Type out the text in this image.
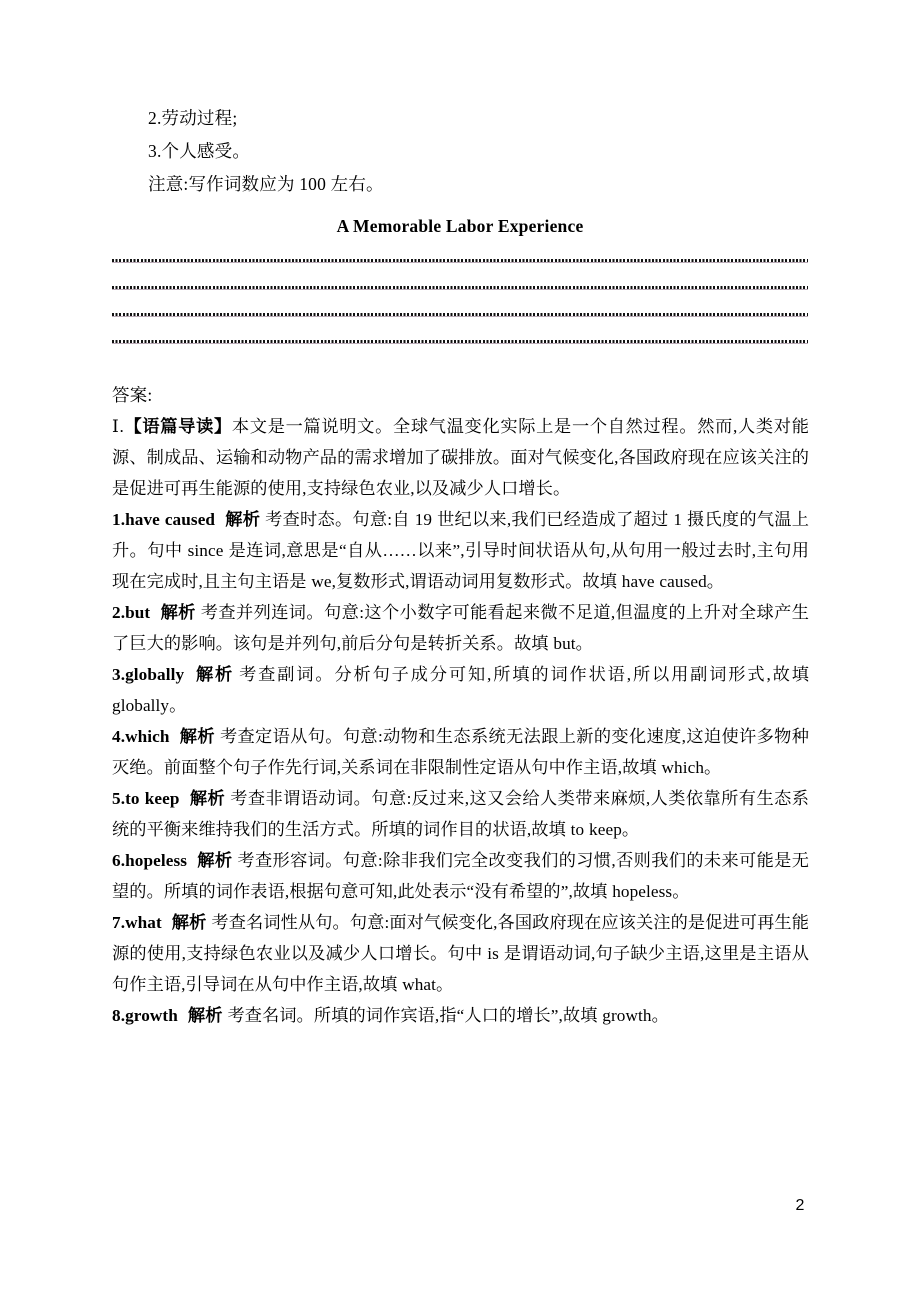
2.劳动过程;
3.个人感受。
注意:写作词数应为 100 左右。
A Memorable Labor Experience
答案:
Ⅰ.【语篇导读】本文是一篇说明文。全球气温变化实际上是一个自然过程。然而,人类对能源、制成品、运输和动物产品的需求增加了碳排放。面对气候变化,各国政府现在应该关注的是促进可再生能源的使用,支持绿色农业,以及减少人口增长。
1.have caused 解析 考查时态。句意:自 19 世纪以来,我们已经造成了超过 1 摄氏度的气温上升。句中 since 是连词,意思是“自从……以来”,引导时间状语从句,从句用一般过去时,主句用现在完成时,且主句主语是 we,复数形式,谓语动词用复数形式。故填 have caused。
2.but 解析 考查并列连词。句意:这个小数字可能看起来微不足道,但温度的上升对全球产生了巨大的影响。该句是并列句,前后分句是转折关系。故填 but。
3.globally 解析 考查副词。分析句子成分可知,所填的词作状语,所以用副词形式,故填 globally。
4.which 解析 考查定语从句。句意:动物和生态系统无法跟上新的变化速度,这迫使许多物种灭绝。前面整个句子作先行词,关系词在非限制性定语从句中作主语,故填 which。
5.to keep 解析 考查非谓语动词。句意:反过来,这又会给人类带来麻烦,人类依靠所有生态系统的平衡来维持我们的生活方式。所填的词作目的状语,故填 to keep。
6.hopeless 解析 考查形容词。句意:除非我们完全改变我们的习惯,否则我们的未来可能是无望的。所填的词作表语,根据句意可知,此处表示“没有希望的”,故填 hopeless。
7.what 解析 考查名词性从句。句意:面对气候变化,各国政府现在应该关注的是促进可再生能源的使用,支持绿色农业以及减少人口增长。句中 is 是谓语动词,句子缺少主语,这里是主语从句作主语,引导词在从句中作主语,故填 what。
8.growth 解析 考查名词。所填的词作宾语,指“人口的增长”,故填 growth。
2
